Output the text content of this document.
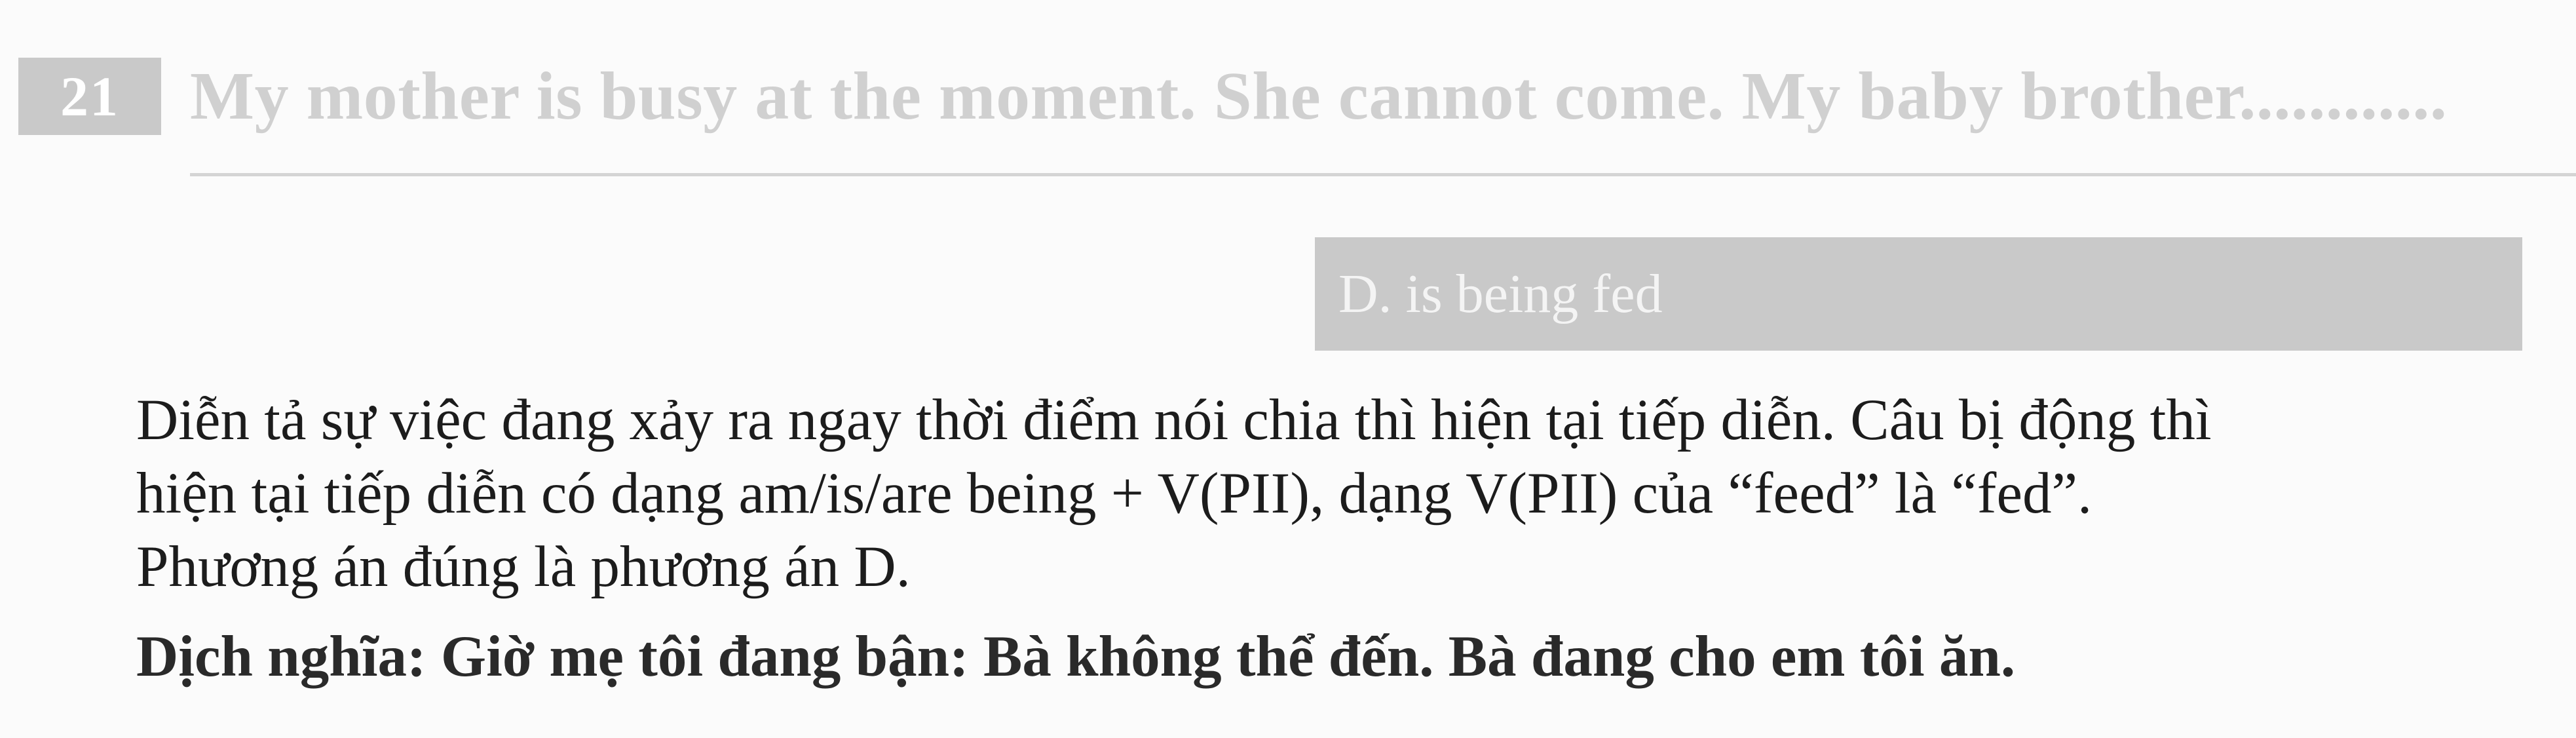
21	My mother is busy at the moment. She cannot come. My baby brother............
D. is being fed

Diễn tả sự việc đang xảy ra ngay thời điểm nói chia thì hiện tại tiếp diễn. Câu bị động thì

hiện tại tiếp diễn có dạng am/is/are being + V(PII), dạng V(PII) của “feed” là “fed”.

Phương án đúng là phương án D.

Dịch nghĩa: Giờ mẹ tôi đang bận: Bà không thể đến. Bà đang cho em tôi ăn.
